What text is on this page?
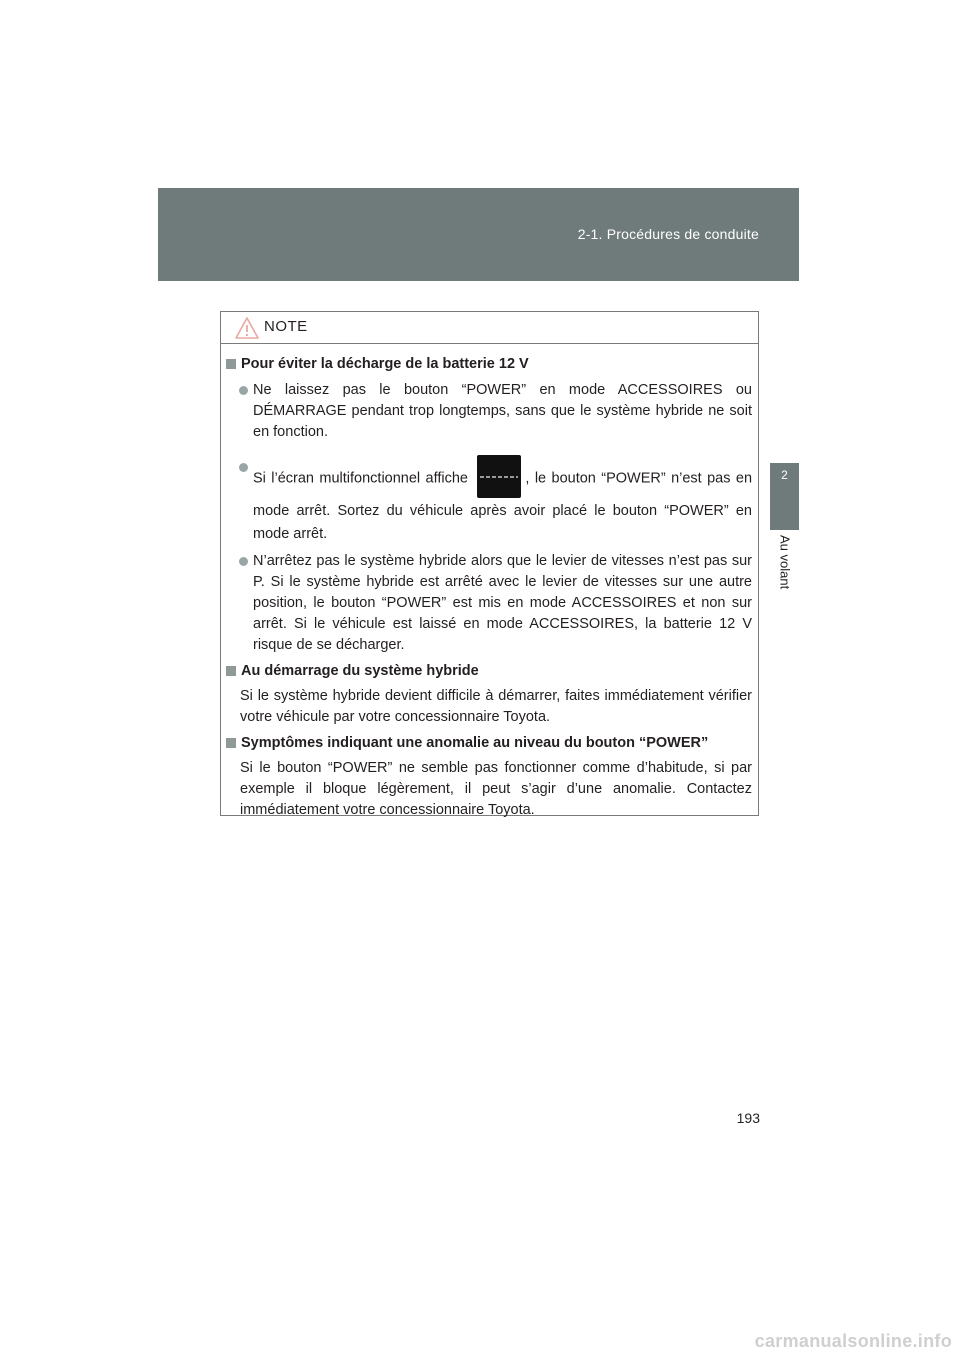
2-1. Procédures de conduite
2
Au volant
NOTE
Pour éviter la décharge de la batterie 12 V
Ne laissez pas le bouton “POWER” en mode ACCESSOIRES ou DÉMARRAGE pendant trop longtemps, sans que le système hybride ne soit en fonction.
Si l’écran multifonctionnel affiche	, le bouton “POWER” n’est pas en mode arrêt. Sortez du véhicule après avoir placé le bouton “POWER” en mode arrêt.
N’arrêtez pas le système hybride alors que le levier de vitesses n’est pas sur P. Si le système hybride est arrêté avec le levier de vitesses sur une autre position, le bouton “POWER” est mis en mode ACCESSOIRES et non sur arrêt. Si le véhicule est laissé en mode ACCESSOIRES, la batterie 12 V risque de se décharger.
Au démarrage du système hybride
Si le système hybride devient difficile à démarrer, faites immédiatement vérifier votre véhicule par votre concessionnaire Toyota.
Symptômes indiquant une anomalie au niveau du bouton “POWER”
Si le bouton “POWER” ne semble pas fonctionner comme d’habitude, si par exemple il bloque légèrement, il peut s’agir d’une anomalie. Contactez immédiatement votre concessionnaire Toyota.
193
carmanualsonline.info
